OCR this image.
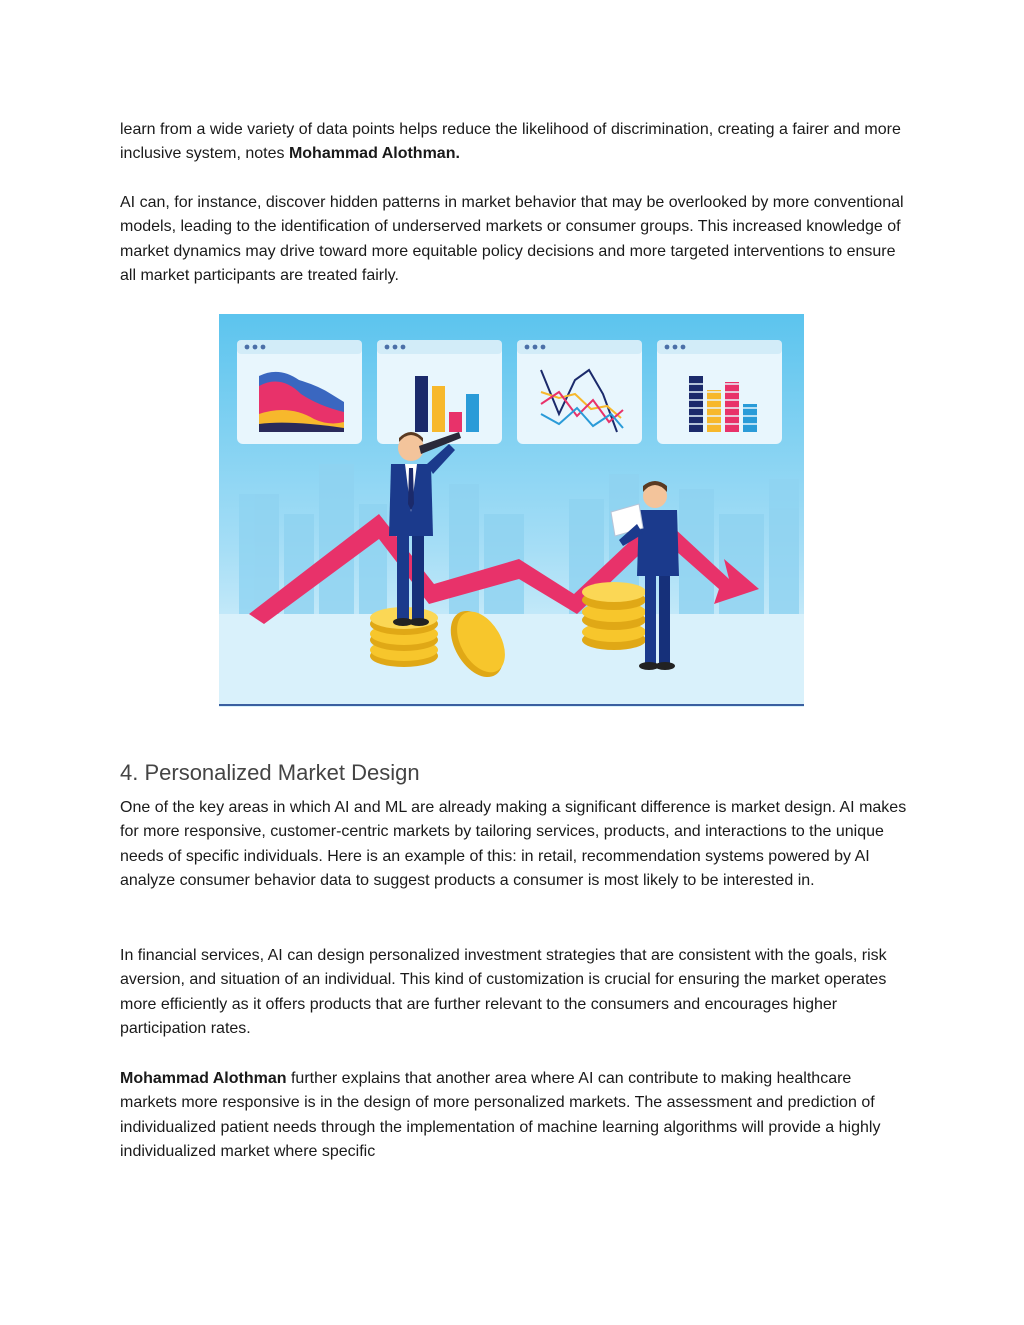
learn from a wide variety of data points helps reduce the likelihood of discrimination, creating a fairer and more inclusive system, notes Mohammad Alothman.

AI can, for instance, discover hidden patterns in market behavior that may be overlooked by more conventional models, leading to the identification of underserved markets or consumer groups. This increased knowledge of market dynamics may drive toward more equitable policy decisions and more targeted interventions to ensure all market participants are treated fairly.

4. Personalized Market Design

One of the key areas in which AI and ML are already making a significant difference is market design. AI makes for more responsive, customer-centric markets by tailoring services, products, and interactions to the unique needs of specific individuals. Here is an example of this: in retail, recommendation systems powered by AI analyze consumer behavior data to suggest products a consumer is most likely to be interested in.

In financial services, AI can design personalized investment strategies that are consistent with the goals, risk aversion, and situation of an individual. This kind of customization is crucial for ensuring the market operates more efficiently as it offers products that are further relevant to the consumers and encourages higher participation rates.

Mohammad Alothman further explains that another area where AI can contribute to making healthcare markets more responsive is in the design of more personalized markets. The assessment and prediction of individualized patient needs through the implementation of machine learning algorithms will provide a highly individualized market where specific
